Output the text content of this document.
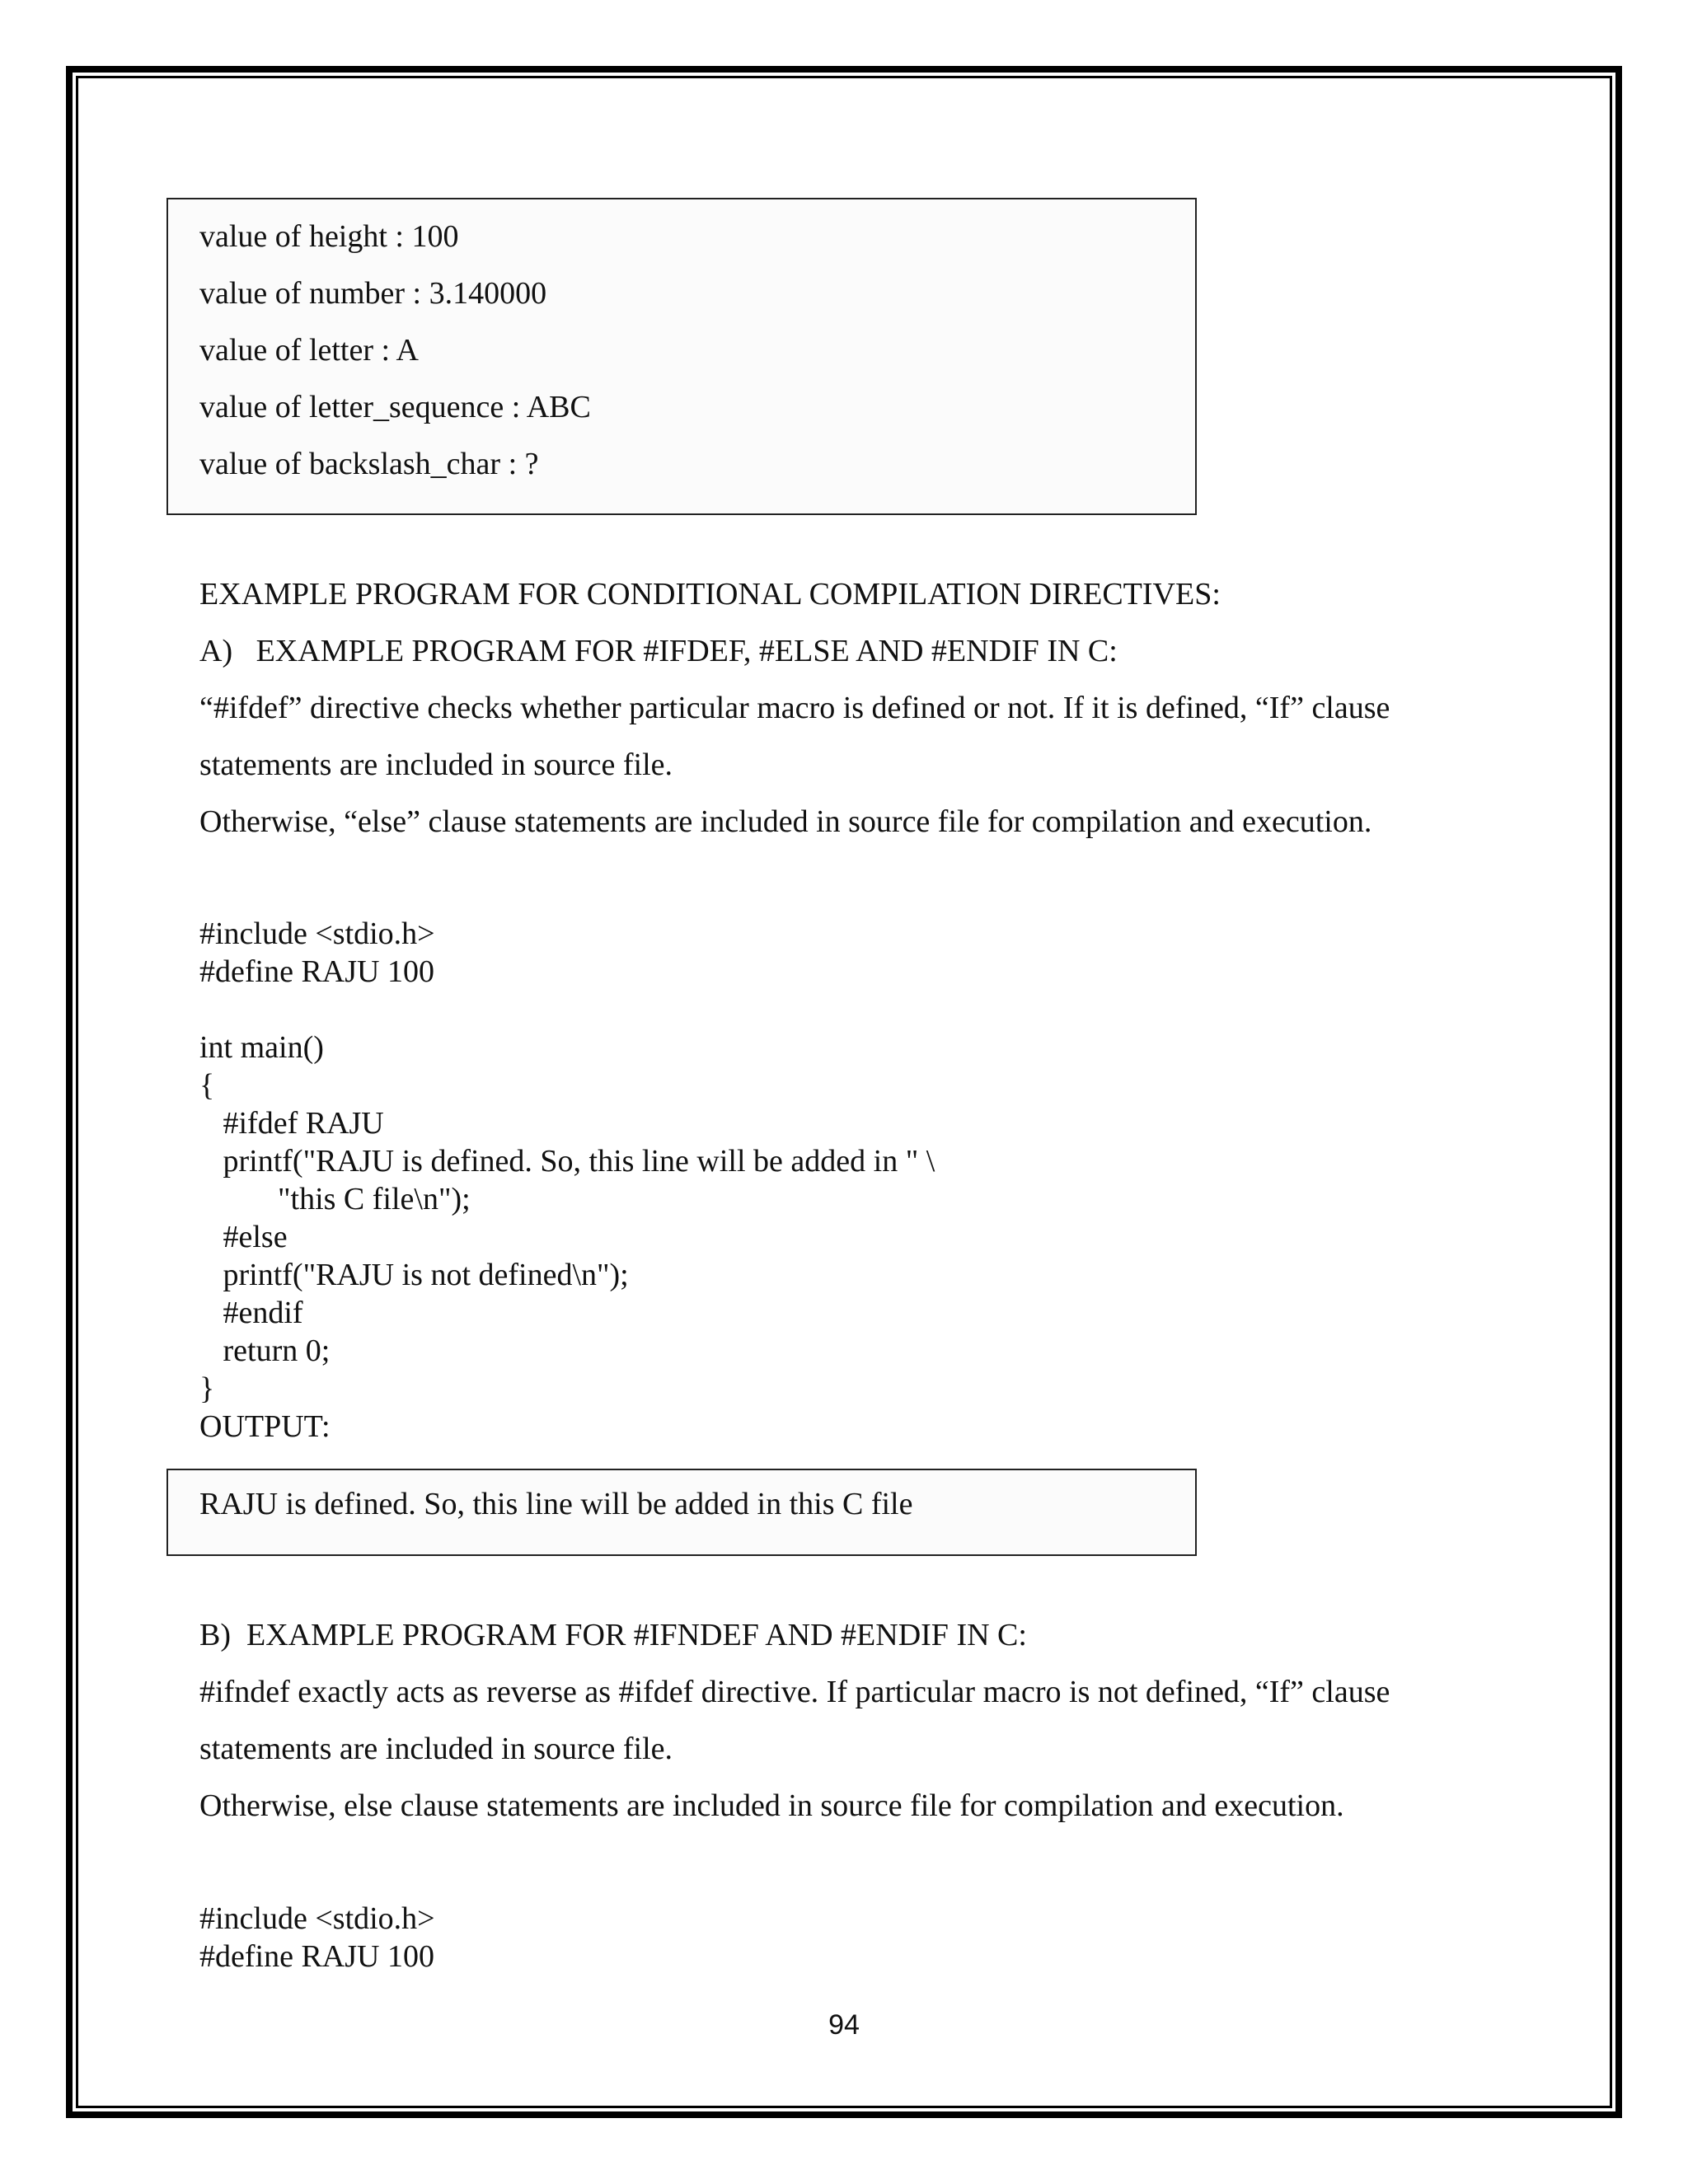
value of height : 100
value of number : 3.140000
value of letter : A
value of letter_sequence : ABC
value of backslash_char : ?
EXAMPLE PROGRAM FOR CONDITIONAL COMPILATION DIRECTIVES:
A)   EXAMPLE PROGRAM FOR #IFDEF, #ELSE AND #ENDIF IN C:
“#ifdef” directive checks whether particular macro is defined or not. If it is defined, “If” clause
statements are included in source file.
Otherwise, “else” clause statements are included in source file for compilation and execution.
#include <stdio.h>
#define RAJU 100
int main()
{
#ifdef RAJU
printf("RAJU is defined. So, this line will be added in " \
"this C file\n");
#else
printf("RAJU is not defined\n");
#endif
return 0;
}
OUTPUT:
RAJU is defined. So, this line will be added in this C file
B)  EXAMPLE PROGRAM FOR #IFNDEF AND #ENDIF IN C:
#ifndef exactly acts as reverse as #ifdef directive. If particular macro is not defined, “If” clause
statements are included in source file.
Otherwise, else clause statements are included in source file for compilation and execution.
#include <stdio.h>
#define RAJU 100
94
